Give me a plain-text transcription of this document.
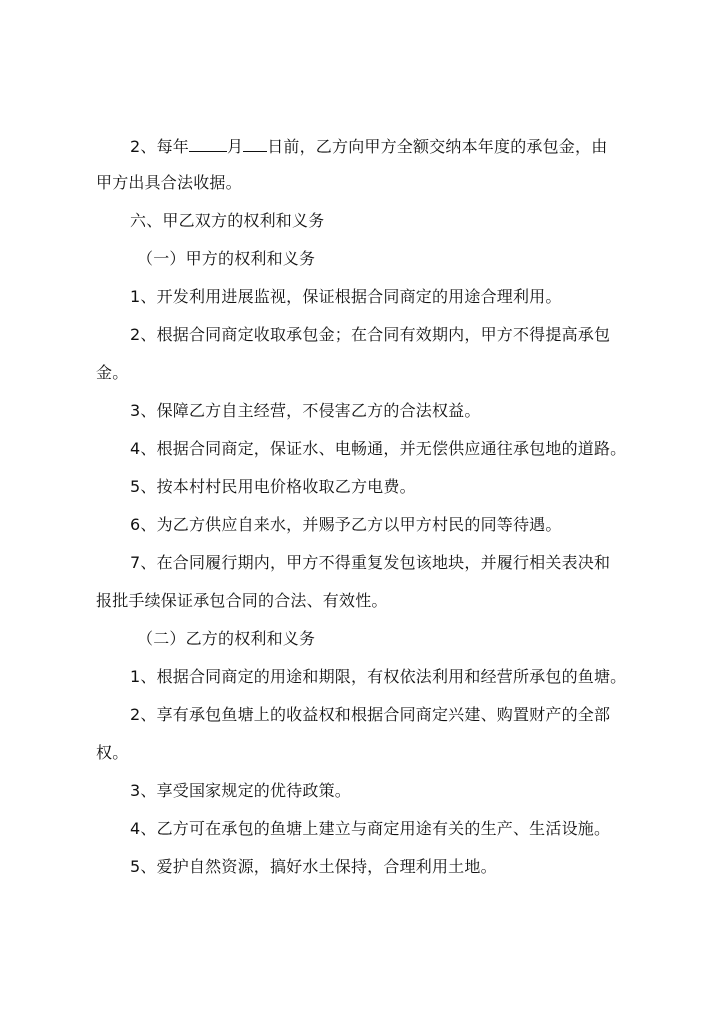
2、每年 月 日前，乙方向甲方全额交纳本年度的承包金，由
甲方出具合法收据。
六、甲乙双方的权利和义务
（一）甲方的权利和义务
1、开发利用进展监视，保证根据合同商定的用途合理利用。
2、根据合同商定收取承包金；在合同有效期内，甲方不得提高承包
金。
3、保障乙方自主经营，不侵害乙方的合法权益。
4、根据合同商定，保证水、电畅通，并无偿供应通往承包地的道路。
5、按本村村民用电价格收取乙方电费。
6、为乙方供应自来水，并赐予乙方以甲方村民的同等待遇。
7、在合同履行期内，甲方不得重复发包该地块，并履行相关表决和
报批手续保证承包合同的合法、有效性。
（二）乙方的权利和义务
1、根据合同商定的用途和期限，有权依法利用和经营所承包的鱼塘。
2、享有承包鱼塘上的收益权和根据合同商定兴建、购置财产的全部
权。
3、享受国家规定的优待政策。
4、乙方可在承包的鱼塘上建立与商定用途有关的生产、生活设施。
5、爱护自然资源，搞好水土保持，合理利用土地。
